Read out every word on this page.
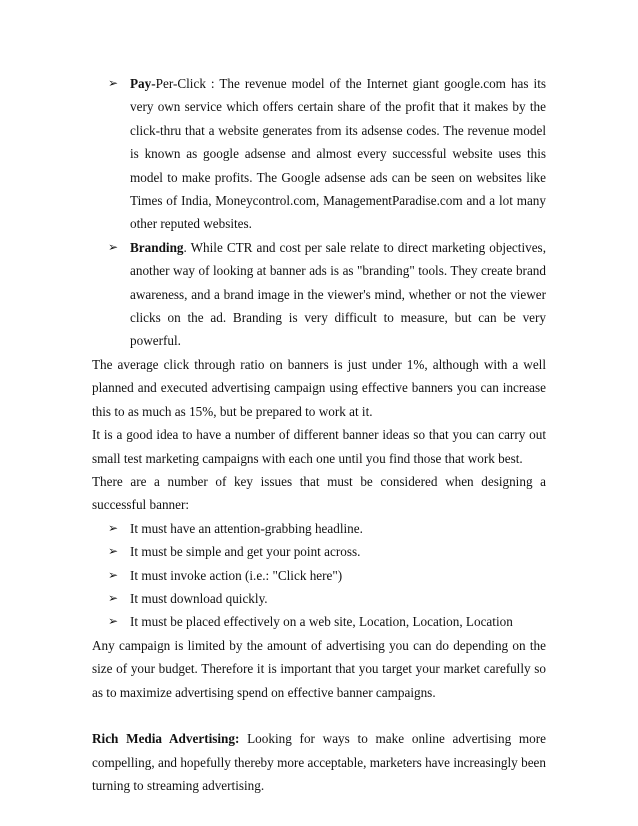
➢ Pay-Per-Click : The revenue model of the Internet giant google.com has its very own service which offers certain share of the profit that it makes by the click-thru that a website generates from its adsense codes. The revenue model is known as google adsense and almost every successful website uses this model to make profits. The Google adsense ads can be seen on websites like Times of India, Moneycontrol.com, ManagementParadise.com and a lot many other reputed websites.
➢ Branding. While CTR and cost per sale relate to direct marketing objectives, another way of looking at banner ads is as "branding" tools. They create brand awareness, and a brand image in the viewer's mind, whether or not the viewer clicks on the ad. Branding is very difficult to measure, but can be very powerful.
The average click through ratio on banners is just under 1%, although with a well planned and executed advertising campaign using effective banners you can increase this to as much as 15%, but be prepared to work at it.
It is a good idea to have a number of different banner ideas so that you can carry out small test marketing campaigns with each one until you find those that work best.
There are a number of key issues that must be considered when designing a successful banner:
➢ It must have an attention-grabbing headline.
➢ It must be simple and get your point across.
➢ It must invoke action (i.e.: "Click here")
➢ It must download quickly.
➢ It must be placed effectively on a web site, Location, Location, Location
Any campaign is limited by the amount of advertising you can do depending on the size of your budget. Therefore it is important that you target your market carefully so as to maximize advertising spend on effective banner campaigns.
Rich Media Advertising: Looking for ways to make online advertising more compelling, and hopefully thereby more acceptable, marketers have increasingly been turning to streaming advertising.
